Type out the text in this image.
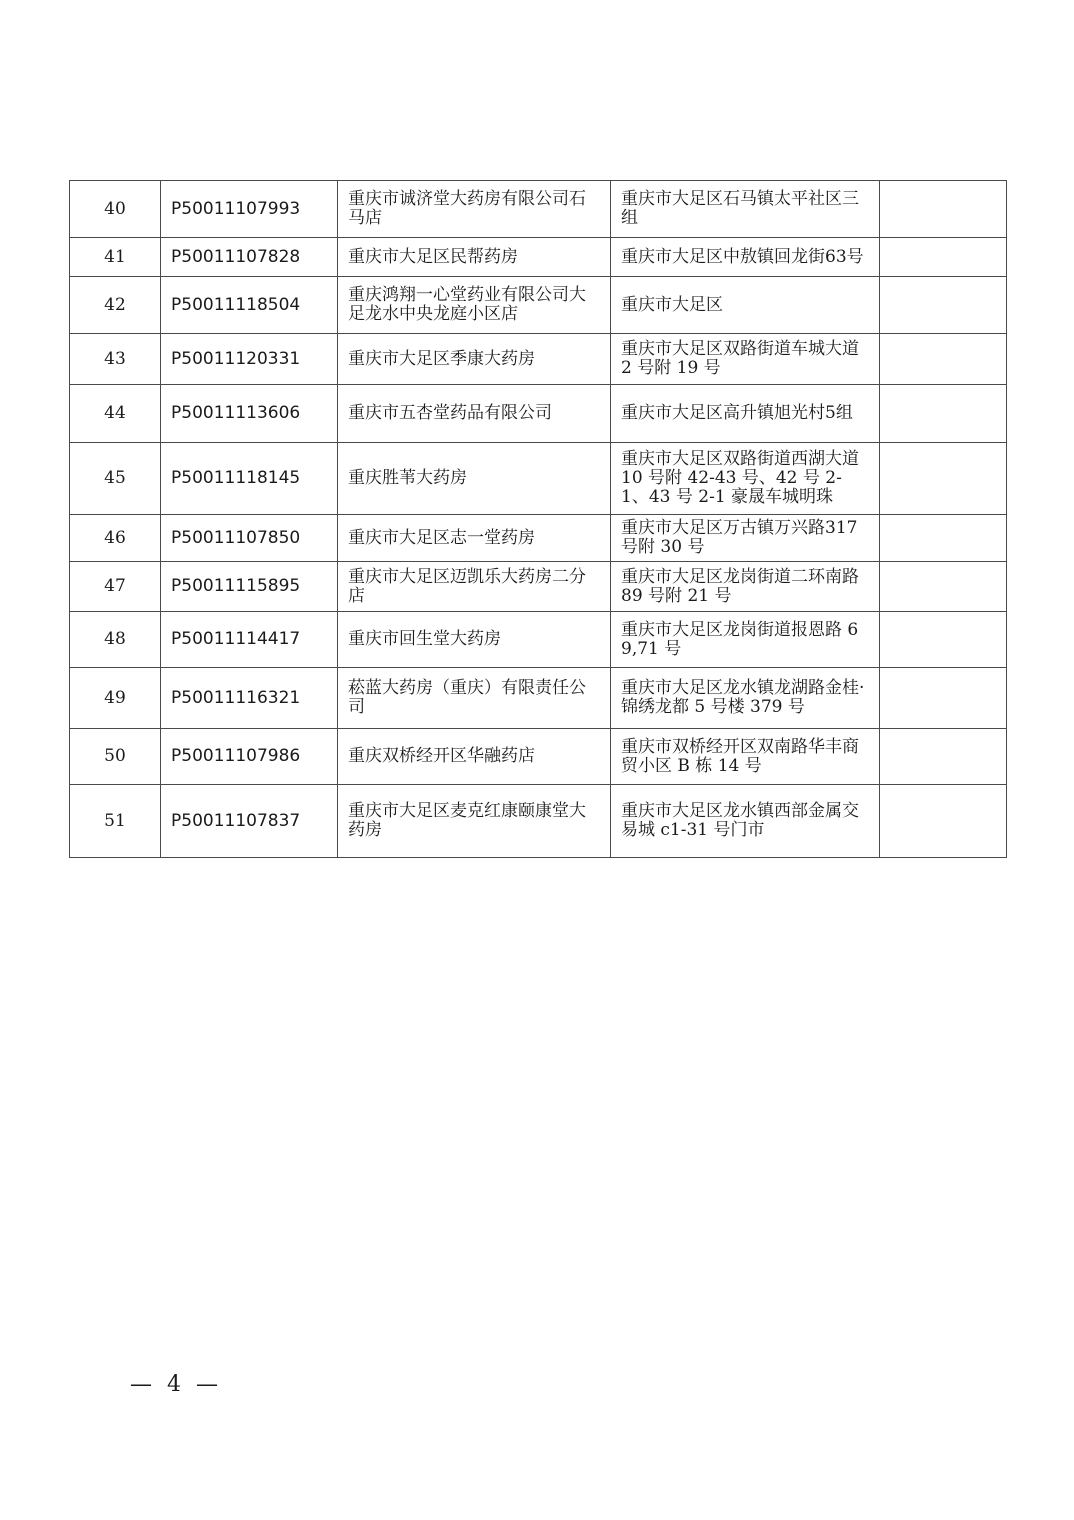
40	P50011107993	重庆市诚济堂大药房有限公司石马店	重庆市大足区石马镇太平社区三组	
41	P50011107828	重庆市大足区民帮药房	重庆市大足区中敖镇回龙街63号	
42	P50011118504	重庆鸿翔一心堂药业有限公司大足龙水中央龙庭小区店	重庆市大足区	
43	P50011120331	重庆市大足区季康大药房	重庆市大足区双路街道车城大道 2 号附 19 号	
44	P50011113606	重庆市五杏堂药品有限公司	重庆市大足区高升镇旭光村5组	
45	P50011118145	重庆胜苇大药房	重庆市大足区双路街道西湖大道 10 号附 42-43 号、42 号 2-1、43 号 2-1 豪晟车城明珠	
46	P50011107850	重庆市大足区志一堂药房	重庆市大足区万古镇万兴路317 号附 30 号	
47	P50011115895	重庆市大足区迈凯乐大药房二分店	重庆市大足区龙岗街道二环南路 89 号附 21 号	
48	P50011114417	重庆市回生堂大药房	重庆市大足区龙岗街道报恩路 69,71 号	
49	P50011116321	菘蓝大药房（重庆）有限责任公司	重庆市大足区龙水镇龙湖路金桂·锦绣龙都 5 号楼 379 号	
50	P50011107986	重庆双桥经开区华融药店	重庆市双桥经开区双南路华丰商贸小区 B 栋 14 号	
51	P50011107837	重庆市大足区麦克红康颐康堂大药房	重庆市大足区龙水镇西部金属交易城 c1-31 号门市	
— 4 —
